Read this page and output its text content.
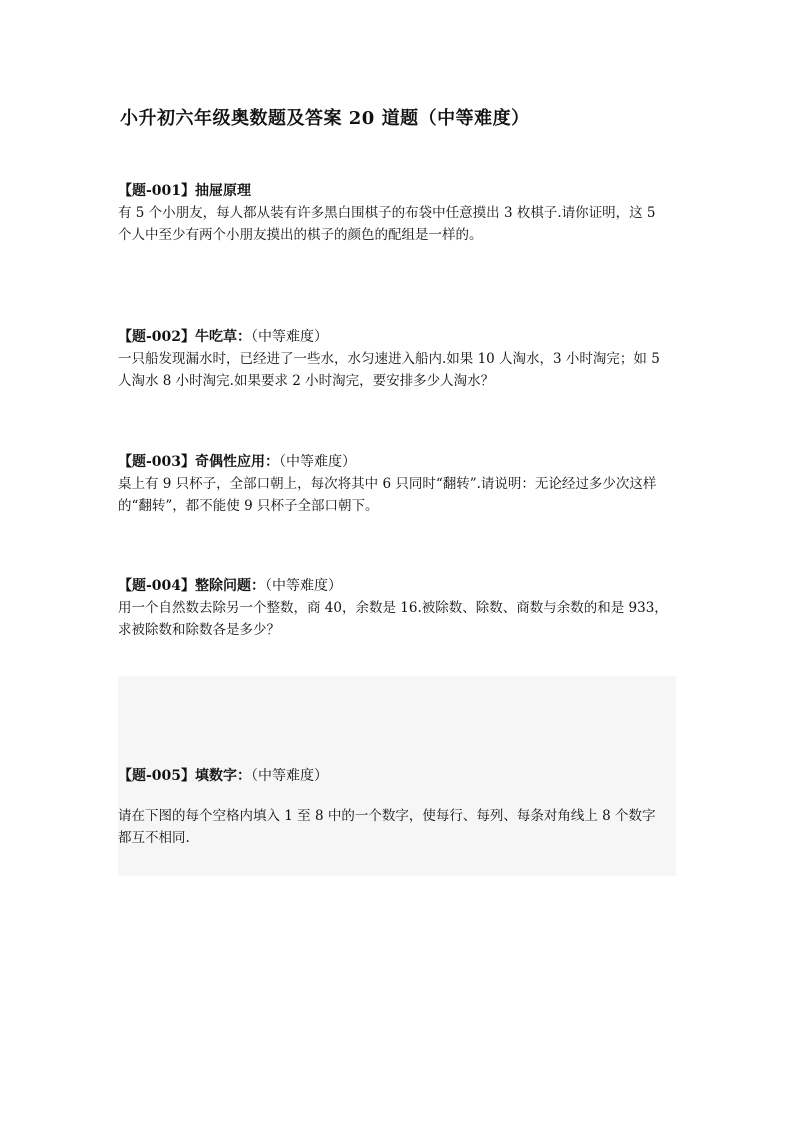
小升初六年级奥数题及答案 20 道题（中等难度）
【题-001】抽屉原理

有 5 个小朋友，每人都从装有许多黑白围棋子的布袋中任意摸出 3 枚棋子.请你证明，这 5

个人中至少有两个小朋友摸出的棋子的颜色的配组是一样的。

【题-002】牛吃草：（中等难度）

一只船发现漏水时，已经进了一些水，水匀速进入船内.如果 10 人淘水，3 小时淘完；如 5

人淘水 8 小时淘完.如果要求 2 小时淘完，要安排多少人淘水？

【题-003】奇偶性应用：（中等难度）

桌上有 9 只杯子，全部口朝上，每次将其中 6 只同时“翻转”.请说明：无论经过多少次这样

的“翻转”，都不能使 9 只杯子全部口朝下。

【题-004】整除问题：（中等难度）

用一个自然数去除另一个整数，商 40，余数是 16.被除数、除数、商数与余数的和是 933，

求被除数和除数各是多少？

【题-005】填数字：（中等难度）

请在下图的每个空格内填入 1 至 8 中的一个数字，使每行、每列、每条对角线上 8 个数字

都互不相同.
